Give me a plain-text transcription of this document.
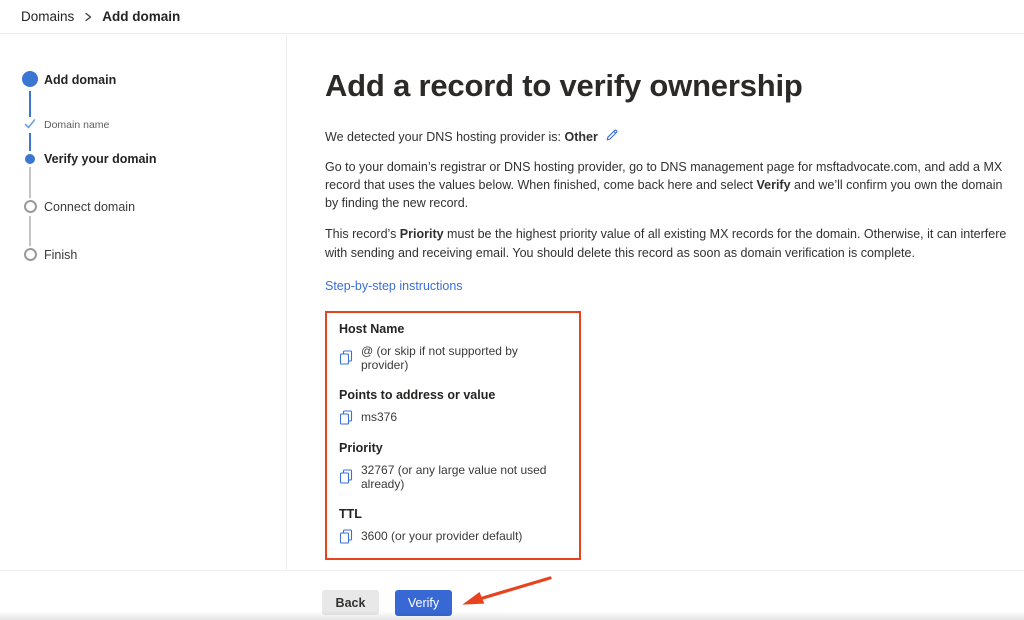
Domains Add domain
Add domain
Domain name
Verify your domain
Connect domain
Finish
Add a record to verify ownership
We detected your DNS hosting provider is: Other

Go to your domain’s registrar or DNS hosting provider, go to DNS management page for msftadvocate.com, and add a MX record that uses the values below. When finished, come back here and select Verify and we’ll confirm you own the domain by finding the new record.

This record’s Priority must be the highest priority value of all existing MX records for the domain. Otherwise, it can interfere with sending and receiving email. You should delete this record as soon as domain verification is complete.

Step-by-step instructions
Host Name
@ (or skip if not supported by provider)
Points to address or value
ms376
Priority
32767 (or any large value not used already)
TTL
3600 (or your provider default)
Back	Verify
